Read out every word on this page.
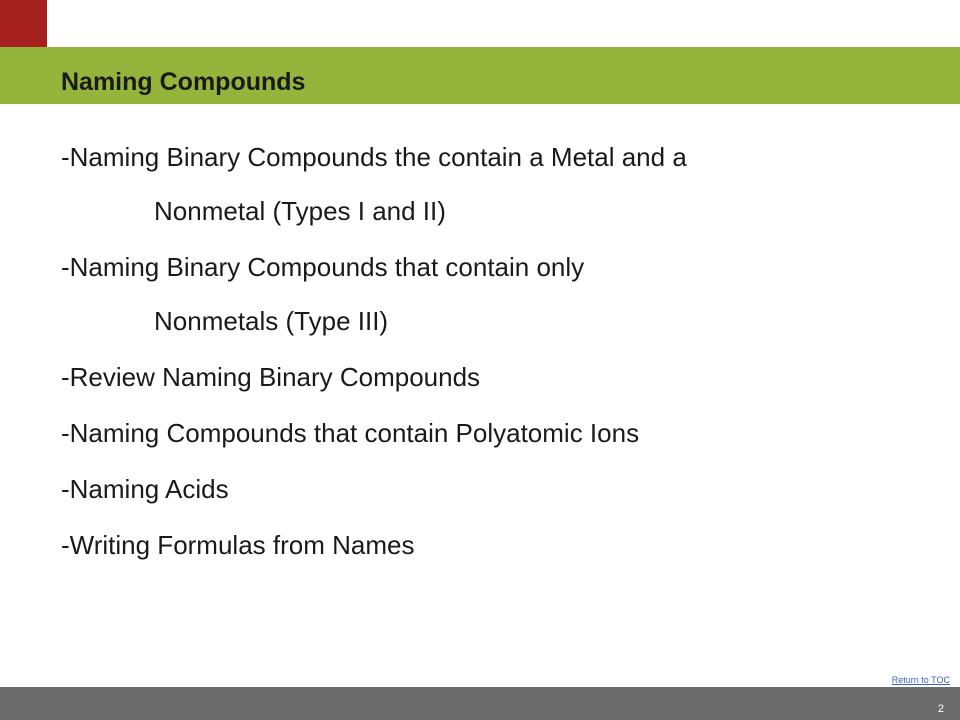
Naming Compounds
-Naming Binary Compounds the contain a Metal and a
Nonmetal (Types I and II)
-Naming Binary Compounds that contain only
Nonmetals (Type III)
-Review Naming Binary Compounds
-Naming Compounds that contain Polyatomic Ions
-Naming Acids
-Writing Formulas from Names
Return to TOC
2
